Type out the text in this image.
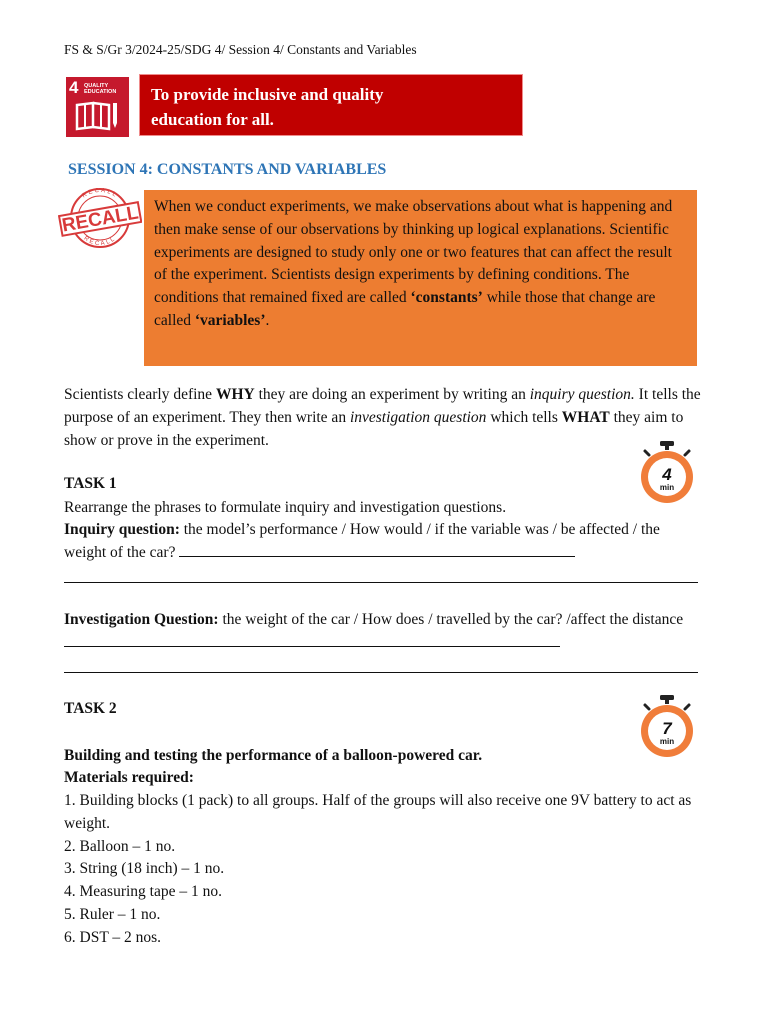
FS & S/Gr 3/2024-25/SDG 4/ Session 4/ Constants and Variables
4 QUALITY
EDUCATION	To provide inclusive and quality
education for all.
SESSION 4: CONSTANTS AND VARIABLES
RECALL
RECALL
RECALL When we conduct experiments, we make observations about what is happening and then make sense of our observations by thinking up logical explanations. Scientific experiments are designed to study only one or two features that can affect the result of the experiment. Scientists design experiments by defining conditions. The conditions that remained fixed are called ‘constants’ while those that change are called ‘variables’.
Scientists clearly define WHY they are doing an experiment by writing an inquiry question. It tells the purpose of an experiment. They then write an investigation question which tells WHAT they aim to show or prove in the experiment.
TASK 1	4
min
Rearrange the phrases to formulate inquiry and investigation questions.
Inquiry question: the model’s performance / How would / if the variable was / be affected / the weight of the car?
Investigation Question: the weight of the car / How does / travelled by the car? /affect the distance
TASK 2
7
min
Building and testing the performance of a balloon-powered car.
Materials required:
1. Building blocks (1 pack) to all groups. Half of the groups will also receive one 9V battery to act as weight.
2. Balloon – 1 no.
3. String (18 inch) – 1 no.
4. Measuring tape – 1 no.
5. Ruler – 1 no.
6. DST – 2 nos.
